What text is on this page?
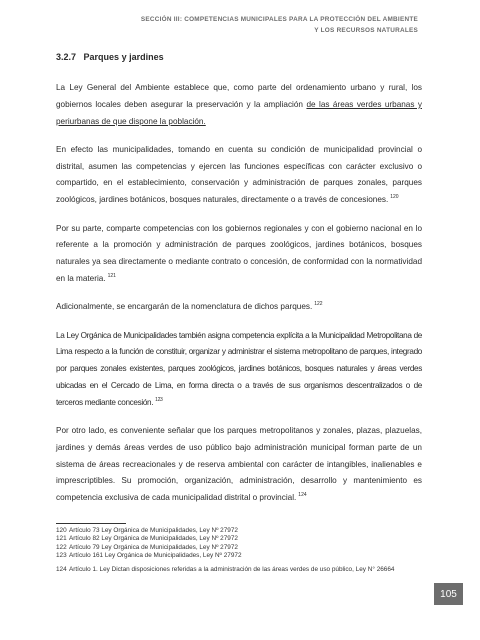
SECCIÓN III: COMPETENCIAS MUNICIPALES PARA LA PROTECCIÓN DEL AMBIENTE
Y LOS RECURSOS NATURALES
3.2.7 Parques y jardines

La Ley General del Ambiente establece que, como parte del ordenamiento urbano y rural, los gobiernos locales deben asegurar la preservación y la ampliación de las áreas verdes urbanas y periurbanas de que dispone la población.

En efecto las municipalidades, tomando en cuenta su condición de municipalidad provincial o distrital, asumen las competencias y ejercen las funciones específicas con carácter exclusivo o compartido, en el establecimiento, conservación y administración de parques zonales, parques zoológicos, jardines botánicos, bosques naturales, directamente o a través de concesiones. $^{120}$

Por su parte, comparte competencias con los gobiernos regionales y con el gobierno nacional en lo referente a la promoción y administración de parques zoológicos, jardines botánicos, bosques naturales ya sea directamente o mediante contrato o concesión, de conformidad con la normatividad en la materia. $^{121}$

Adicionalmente, se encargarán de la nomenclatura de dichos parques. $^{122}$

La Ley Orgánica de Municipalidades también asigna competencia explícita a la Municipalidad Metropolitana de Lima respecto a la función de constituir, organizar y administrar el sistema metropolitano de parques, integrado por parques zonales existentes, parques zoológicos, jardines botánicos, bosques naturales y áreas verdes ubicadas en el Cercado de Lima, en forma directa o a través de sus organismos descentralizados o de terceros mediante concesión. $^{123}$

Por otro lado, es conveniente señalar que los parques metropolitanos y zonales, plazas, plazuelas, jardines y demás áreas verdes de uso público bajo administración municipal forman parte de un sistema de áreas recreacionales y de reserva ambiental con carácter de intangibles, inalienables e imprescriptibles. Su promoción, organización, administración, desarrollo y mantenimiento es competencia exclusiva de cada municipalidad distrital o provincial. $^{124}$

120 Artículo 73 Ley Orgánica de Municipalidades, Ley Nº 27972
121 Artículo 82 Ley Orgánica de Municipalidades, Ley Nº 27972
122 Artículo 79 Ley Orgánica de Municipalidades, Ley Nº 27972
123 Artículo 161 Ley Orgánica de Municipalidades, Ley Nº 27972
124 Artículo 1. Ley Dictan disposiciones referidas a la administración de las áreas verdes de uso público, Ley N° 26664
105
